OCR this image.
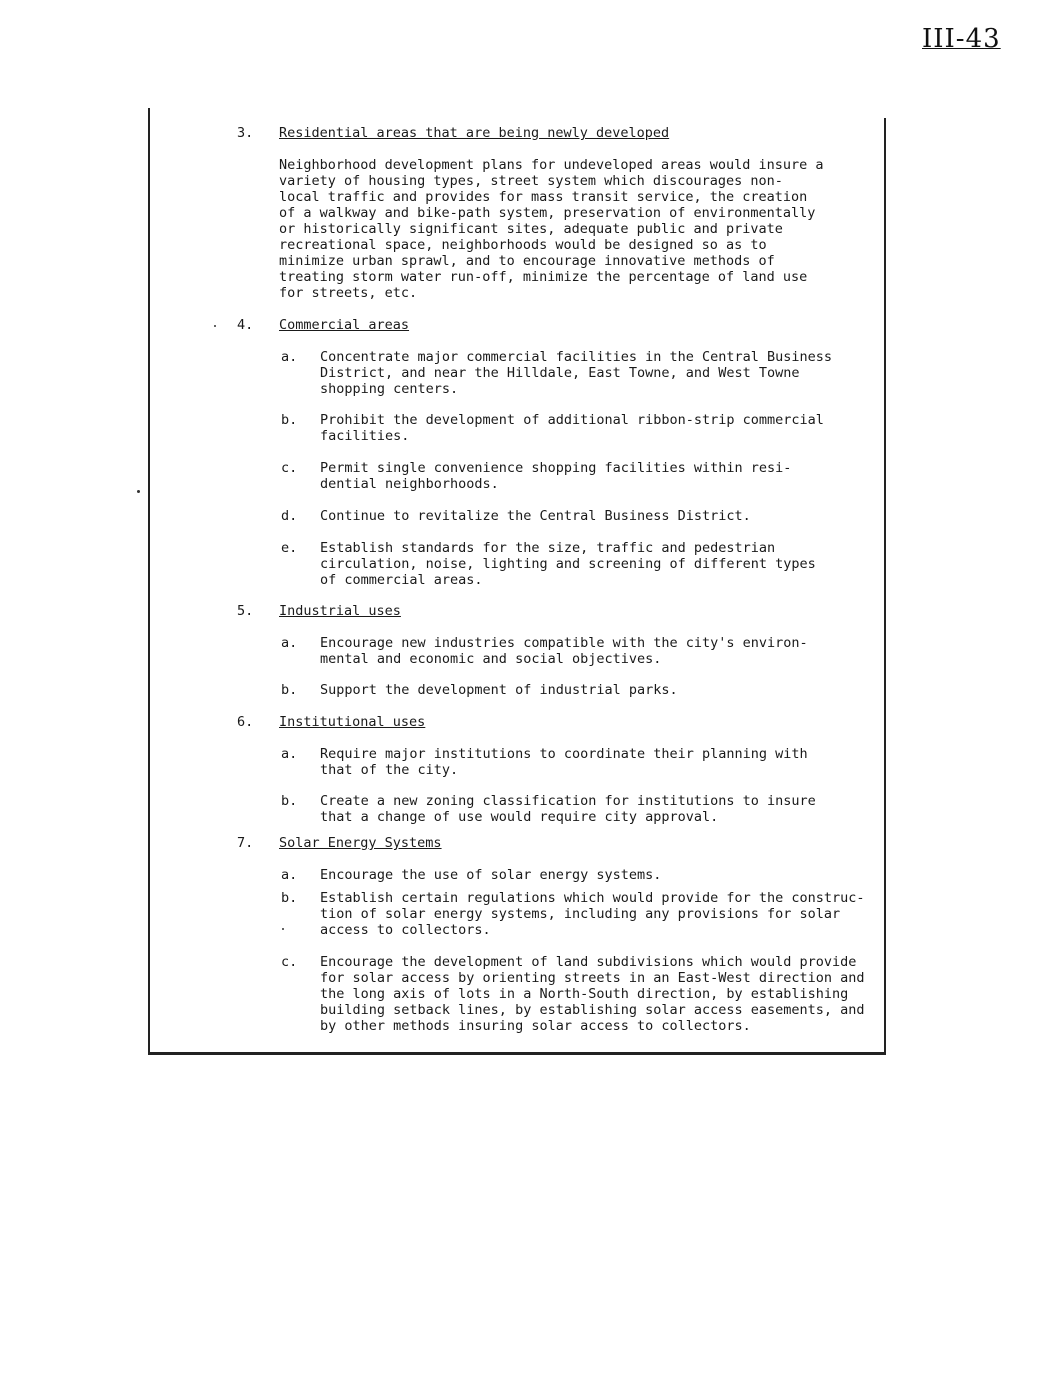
III-43
3. Residential areas that are being newly developed

Neighborhood development plans for undeveloped areas would insure a
variety of housing types, street system which discourages non-
local traffic and provides for mass transit service, the creation
of a walkway and bike-path system, preservation of environmentally
or historically significant sites, adequate public and private
recreational space, neighborhoods would be designed so as to
minimize urban sprawl, and to encourage innovative methods of
treating storm water run-off, minimize the percentage of land use
for streets, etc.

4. Commercial areas
a. Concentrate major commercial facilities in the Central Business
District, and near the Hilldale, East Towne, and West Towne
shopping centers.

b. Prohibit the development of additional ribbon-strip commercial
facilities.

c. Permit single convenience shopping facilities within resi-
dential neighborhoods.

d. Continue to revitalize the Central Business District.

e. Establish standards for the size, traffic and pedestrian
circulation, noise, lighting and screening of different types
of commercial areas.

5. Industrial uses
a. Encourage new industries compatible with the city's environ-
mental and economic and social objectives.

b. Support the development of industrial parks.

6. Institutional uses
a. Require major institutions to coordinate their planning with
that of the city.

b. Create a new zoning classification for institutions to insure
that a change of use would require city approval.

7. Solar Energy Systems
a. Encourage the use of solar energy systems.

b. Establish certain regulations which would provide for the construc-
tion of solar energy systems, including any provisions for solar
access to collectors.

c. Encourage the development of land subdivisions which would provide
for solar access by orienting streets in an East-West direction and
the long axis of lots in a North-South direction, by establishing
building setback lines, by establishing solar access easements, and
by other methods insuring solar access to collectors.
